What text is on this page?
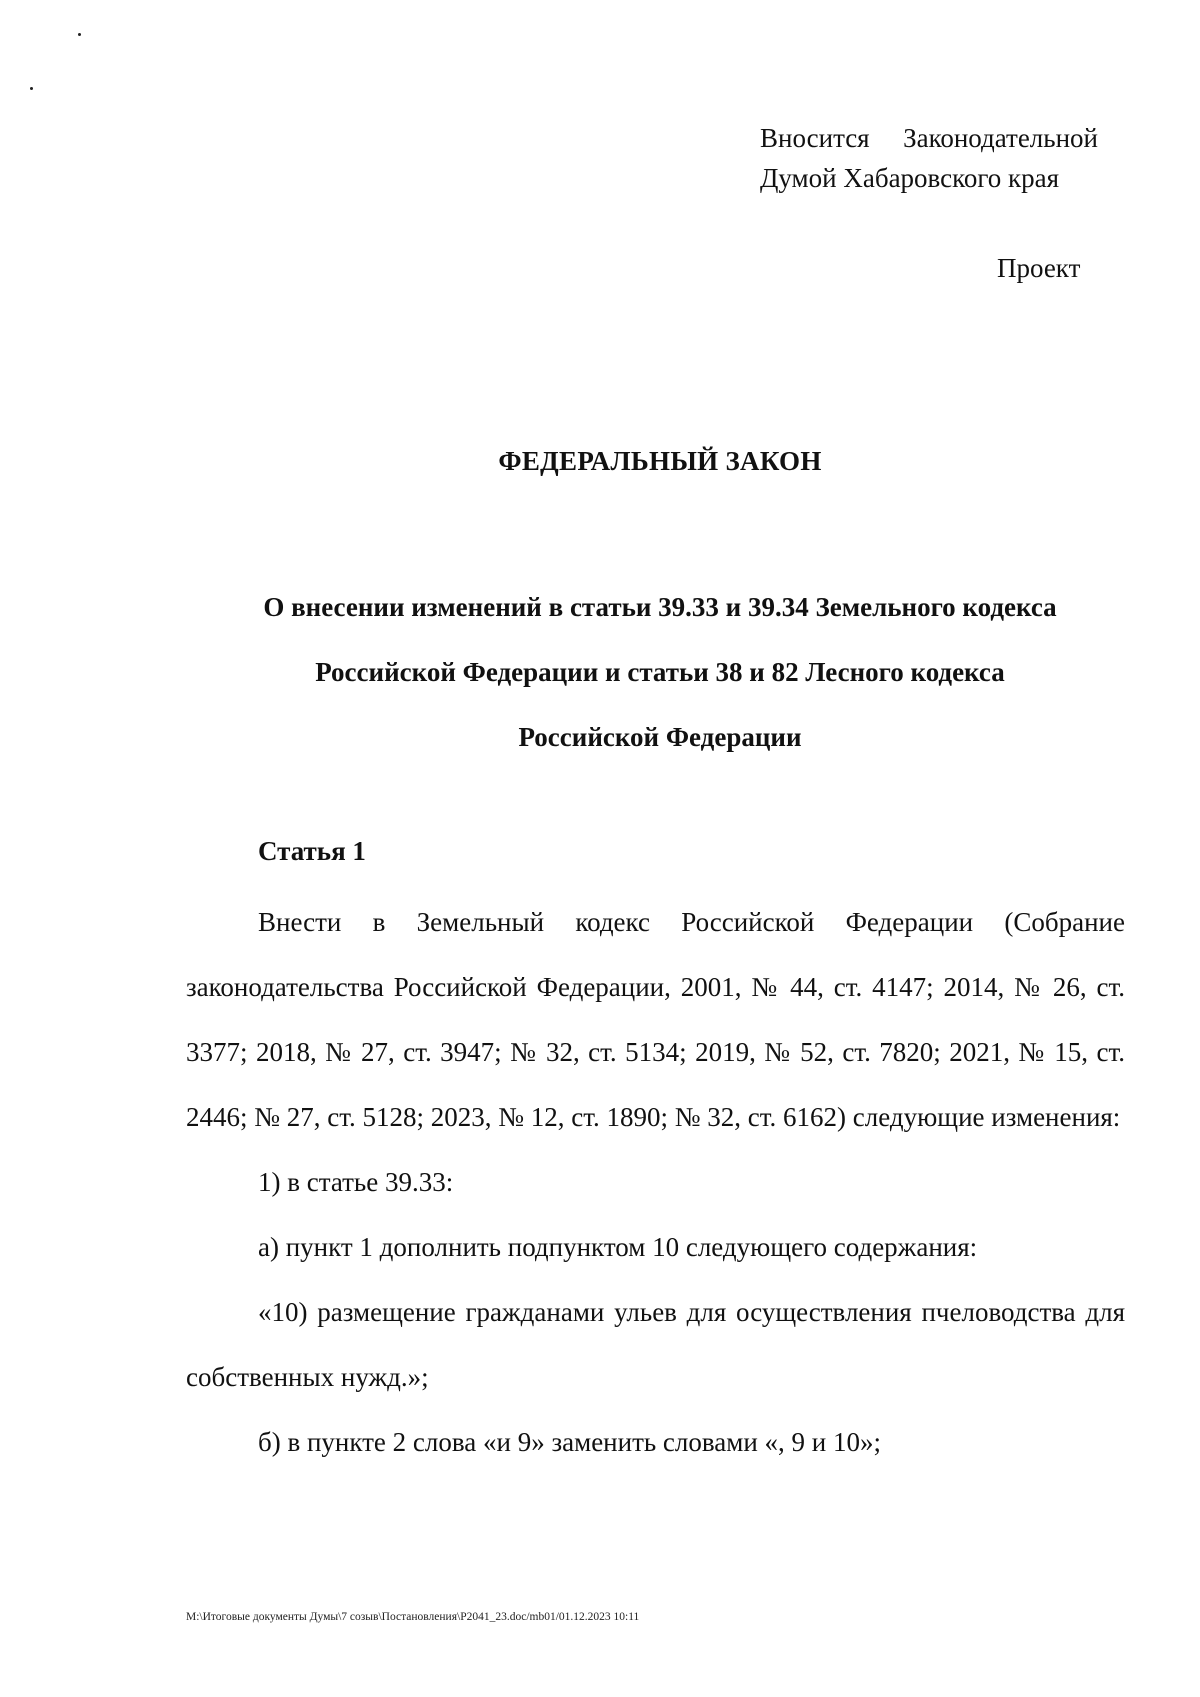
Вносится Законодательной
Думой Хабаровского края
Проект
ФЕДЕРАЛЬНЫЙ ЗАКОН
О внесении изменений в статьи 39.33 и 39.34 Земельного кодекса
Российской Федерации и статьи 38 и 82 Лесного кодекса
Российской Федерации
Статья 1

Внести в Земельный кодекс Российской Федерации (Собрание законодательства Российской Федерации, 2001, № 44, ст. 4147; 2014, № 26, ст. 3377; 2018, № 27, ст. 3947; № 32, ст. 5134; 2019, № 52, ст. 7820; 2021, № 15, ст. 2446; № 27, ст. 5128; 2023, № 12, ст. 1890; № 32, ст. 6162) следующие изменения:

1) в статье 39.33:

а) пункт 1 дополнить подпунктом 10 следующего содержания:

«10) размещение гражданами ульев для осуществления пчеловодства для собственных нужд.»;

б) в пункте 2 слова «и 9» заменить словами «, 9 и 10»;

M:\Итоговые документы Думы\7 созыв\Постановления\Р2041_23.doc/mb01/01.12.2023 10:11
